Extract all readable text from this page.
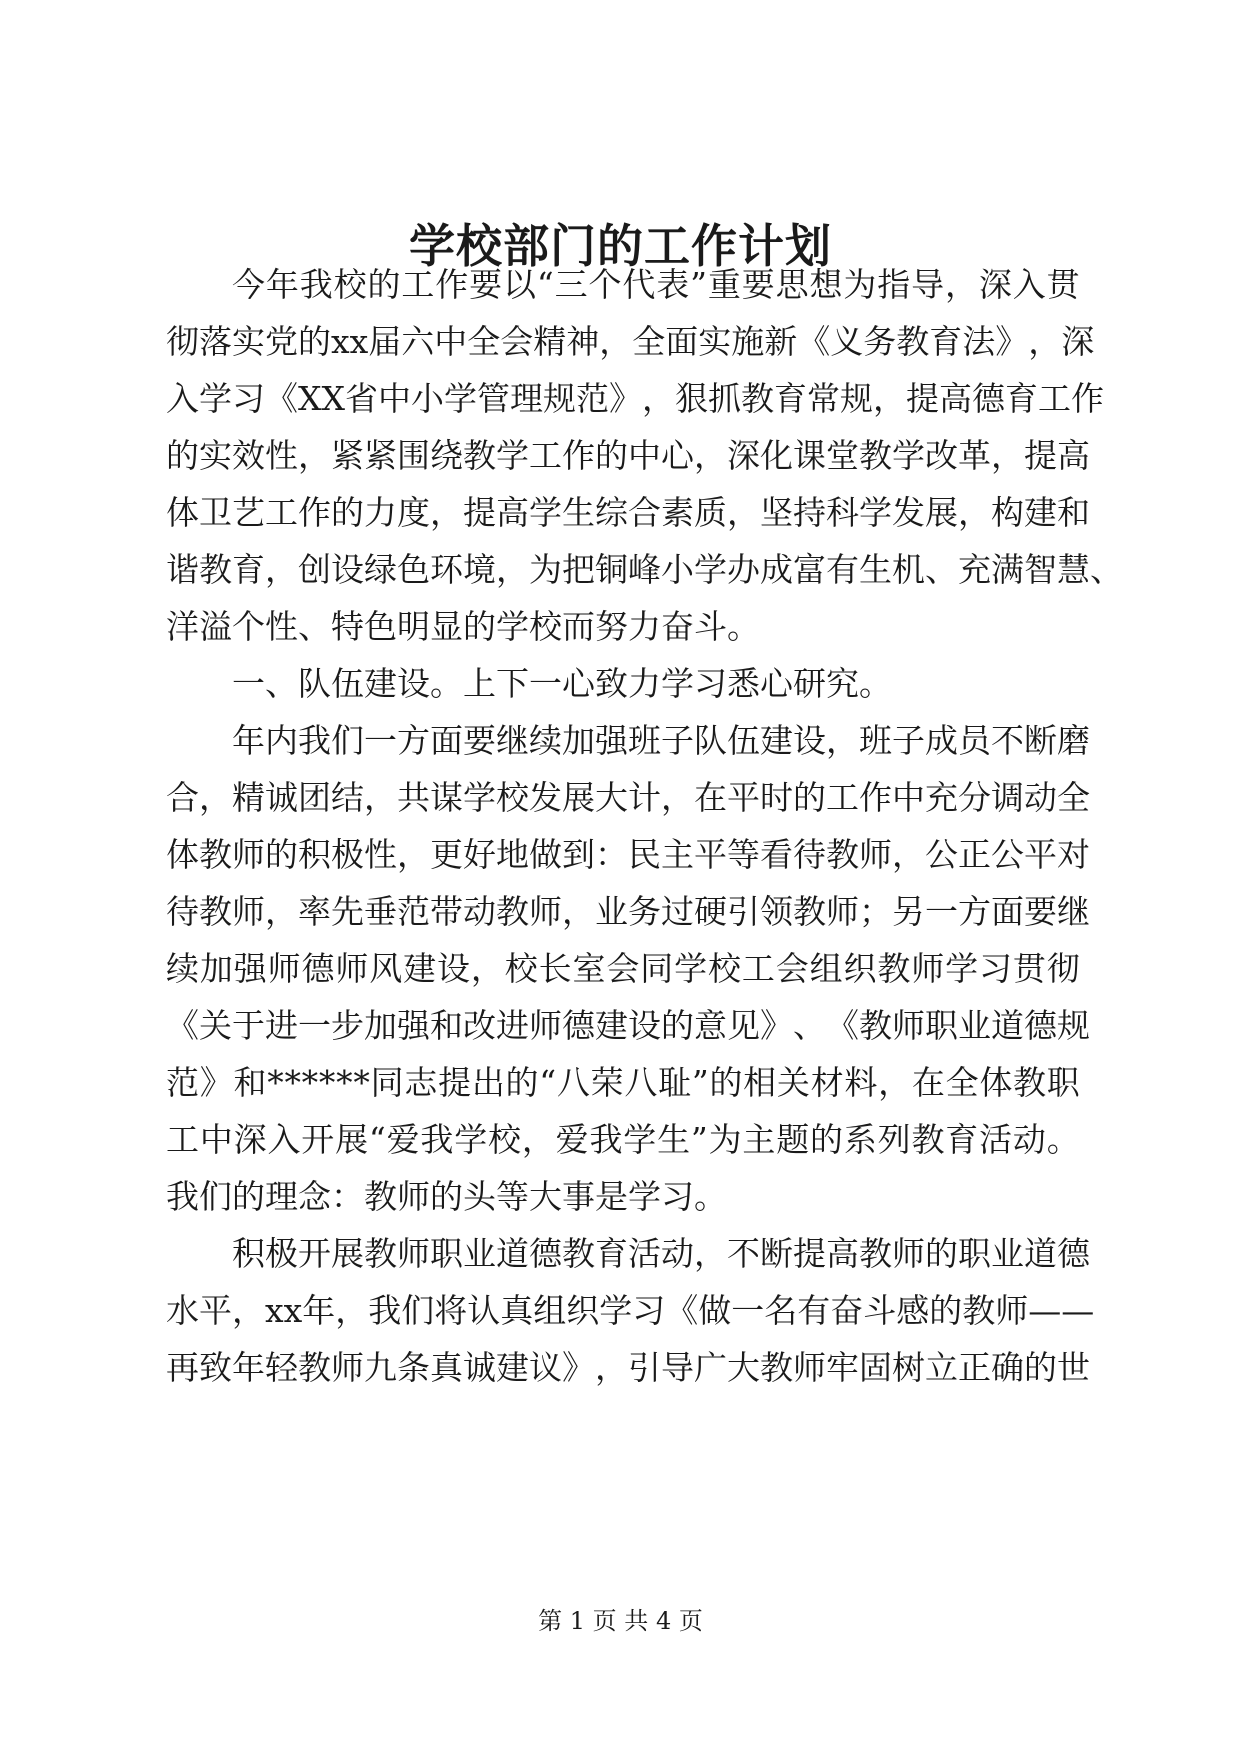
学校部门的工作计划

今 年 我 校 的 工 作 要 以 “ 三 个 代 表 ” 重 要 思 想 为 指 导 ， 深 入 贯

彻 落 实 党 的 x x 届 六 中 全 会 精 神 ， 全 面 实 施 新 《 义 务 教 育 法 》 ， 深

入 学 习 《 X X 省 中 小 学 管 理 规 范 》 ， 狠 抓 教 育 常 规 ， 提 高 德 育 工 作

的 实 效 性 ， 紧 紧 围 绕 教 学 工 作 的 中 心 ， 深 化 课 堂 教 学 改 革 ， 提 高

体 卫 艺 工 作 的 力 度 ， 提 高 学 生 综 合 素 质 ， 坚 持 科 学 发 展 ， 构 建 和

谐 教 育 ， 创 设 绿 色 环 境 ， 为 把 铜 峰 小 学 办 成 富 有 生 机 、 充 满 智 慧 、

洋溢个性、特色明显的学校而努力奋斗。

一、队伍建设。上下一心致力学习悉心研究。

年 内 我 们 一 方 面 要 继 续 加 强 班 子 队 伍 建 设 ， 班 子 成 员 不 断 磨

合 ， 精 诚 团 结 ， 共 谋 学 校 发 展 大 计 ， 在 平 时 的 工 作 中 充 分 调 动 全

体 教 师 的 积 极 性 ， 更 好 地 做 到 ： 民 主 平 等 看 待 教 师 ， 公 正 公 平 对

待 教 师 ， 率 先 垂 范 带 动 教 师 ， 业 务 过 硬 引 领 教 师 ； 另 一 方 面 要 继

续 加 强 师 德 师 风 建 设 ， 校 长 室 会 同 学 校 工 会 组 织 教 师 学 习 贯 彻

《 关 于 进 一 步 加 强 和 改 进 师 德 建 设 的 意 见 》 、 《 教 师 职 业 道 德 规

范 》 和 * * * * * * 同 志 提 出 的 “ 八 荣 八 耻 ” 的 相 关 材 料 ， 在 全 体 教 职

工 中 深 入 开 展 “ 爱 我 学 校 ， 爱 我 学 生 ” 为 主 题 的 系 列 教 育 活 动 。

我们的理念：教师的头等大事是学习。

积 极 开 展 教 师 职 业 道 德 教 育 活 动 ， 不 断 提 高 教 师 的 职 业 道 德

水 平 ， x x 年 ， 我 们 将 认 真 组 织 学 习 《 做 一 名 有 奋 斗 感 的 教 师 — —

再 致 年 轻 教 师 九 条 真 诚 建 议 》 ， 引 导 广 大 教 师 牢 固 树 立 正 确 的 世

第 1 页 共 4 页
